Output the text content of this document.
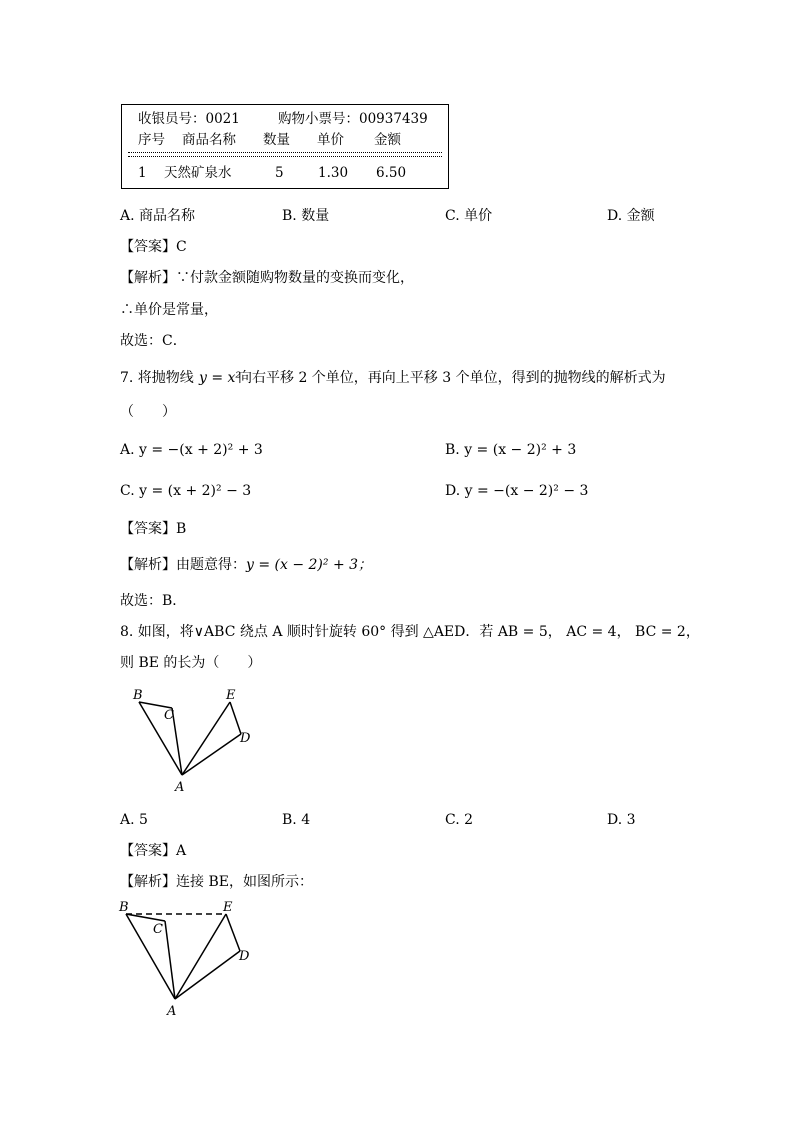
收银员号：0021	购物小票号：00937439
序号 商品名称 数量 单价 金额
1 天然矿泉水	5	1.30 6.50
A. 商品名称	B. 数量	C. 单价	D. 金额
【答案】C
【解析】∵付款金额随购物数量的变换而变化，
∴单价是常量，
故选：C．
7. 将抛物线 y = x²
向右平移 2 个单位，再向上平移 3 个单位，得到的抛物线的解析式为
（　　）
A. y = −(x + 2)² + 3	B. y = (x − 2)² + 3
C. y = (x + 2)² − 3	D. y = −(x − 2)² − 3
【答案】B
【解析】由题意得： y = (x − 2)² + 3；
故选：B．
8. 如图，将∨ABC 绕点 A 顺时针旋转 60° 得到 △AED．若 AB = 5， AC = 4， BC = 2，
则 BE 的长为（　　）
B
C
E
D
A
A. 5	B. 4	C. 2	D. 3
【答案】A
【解析】连接 BE，如图所示：
B
C
E
D
A
